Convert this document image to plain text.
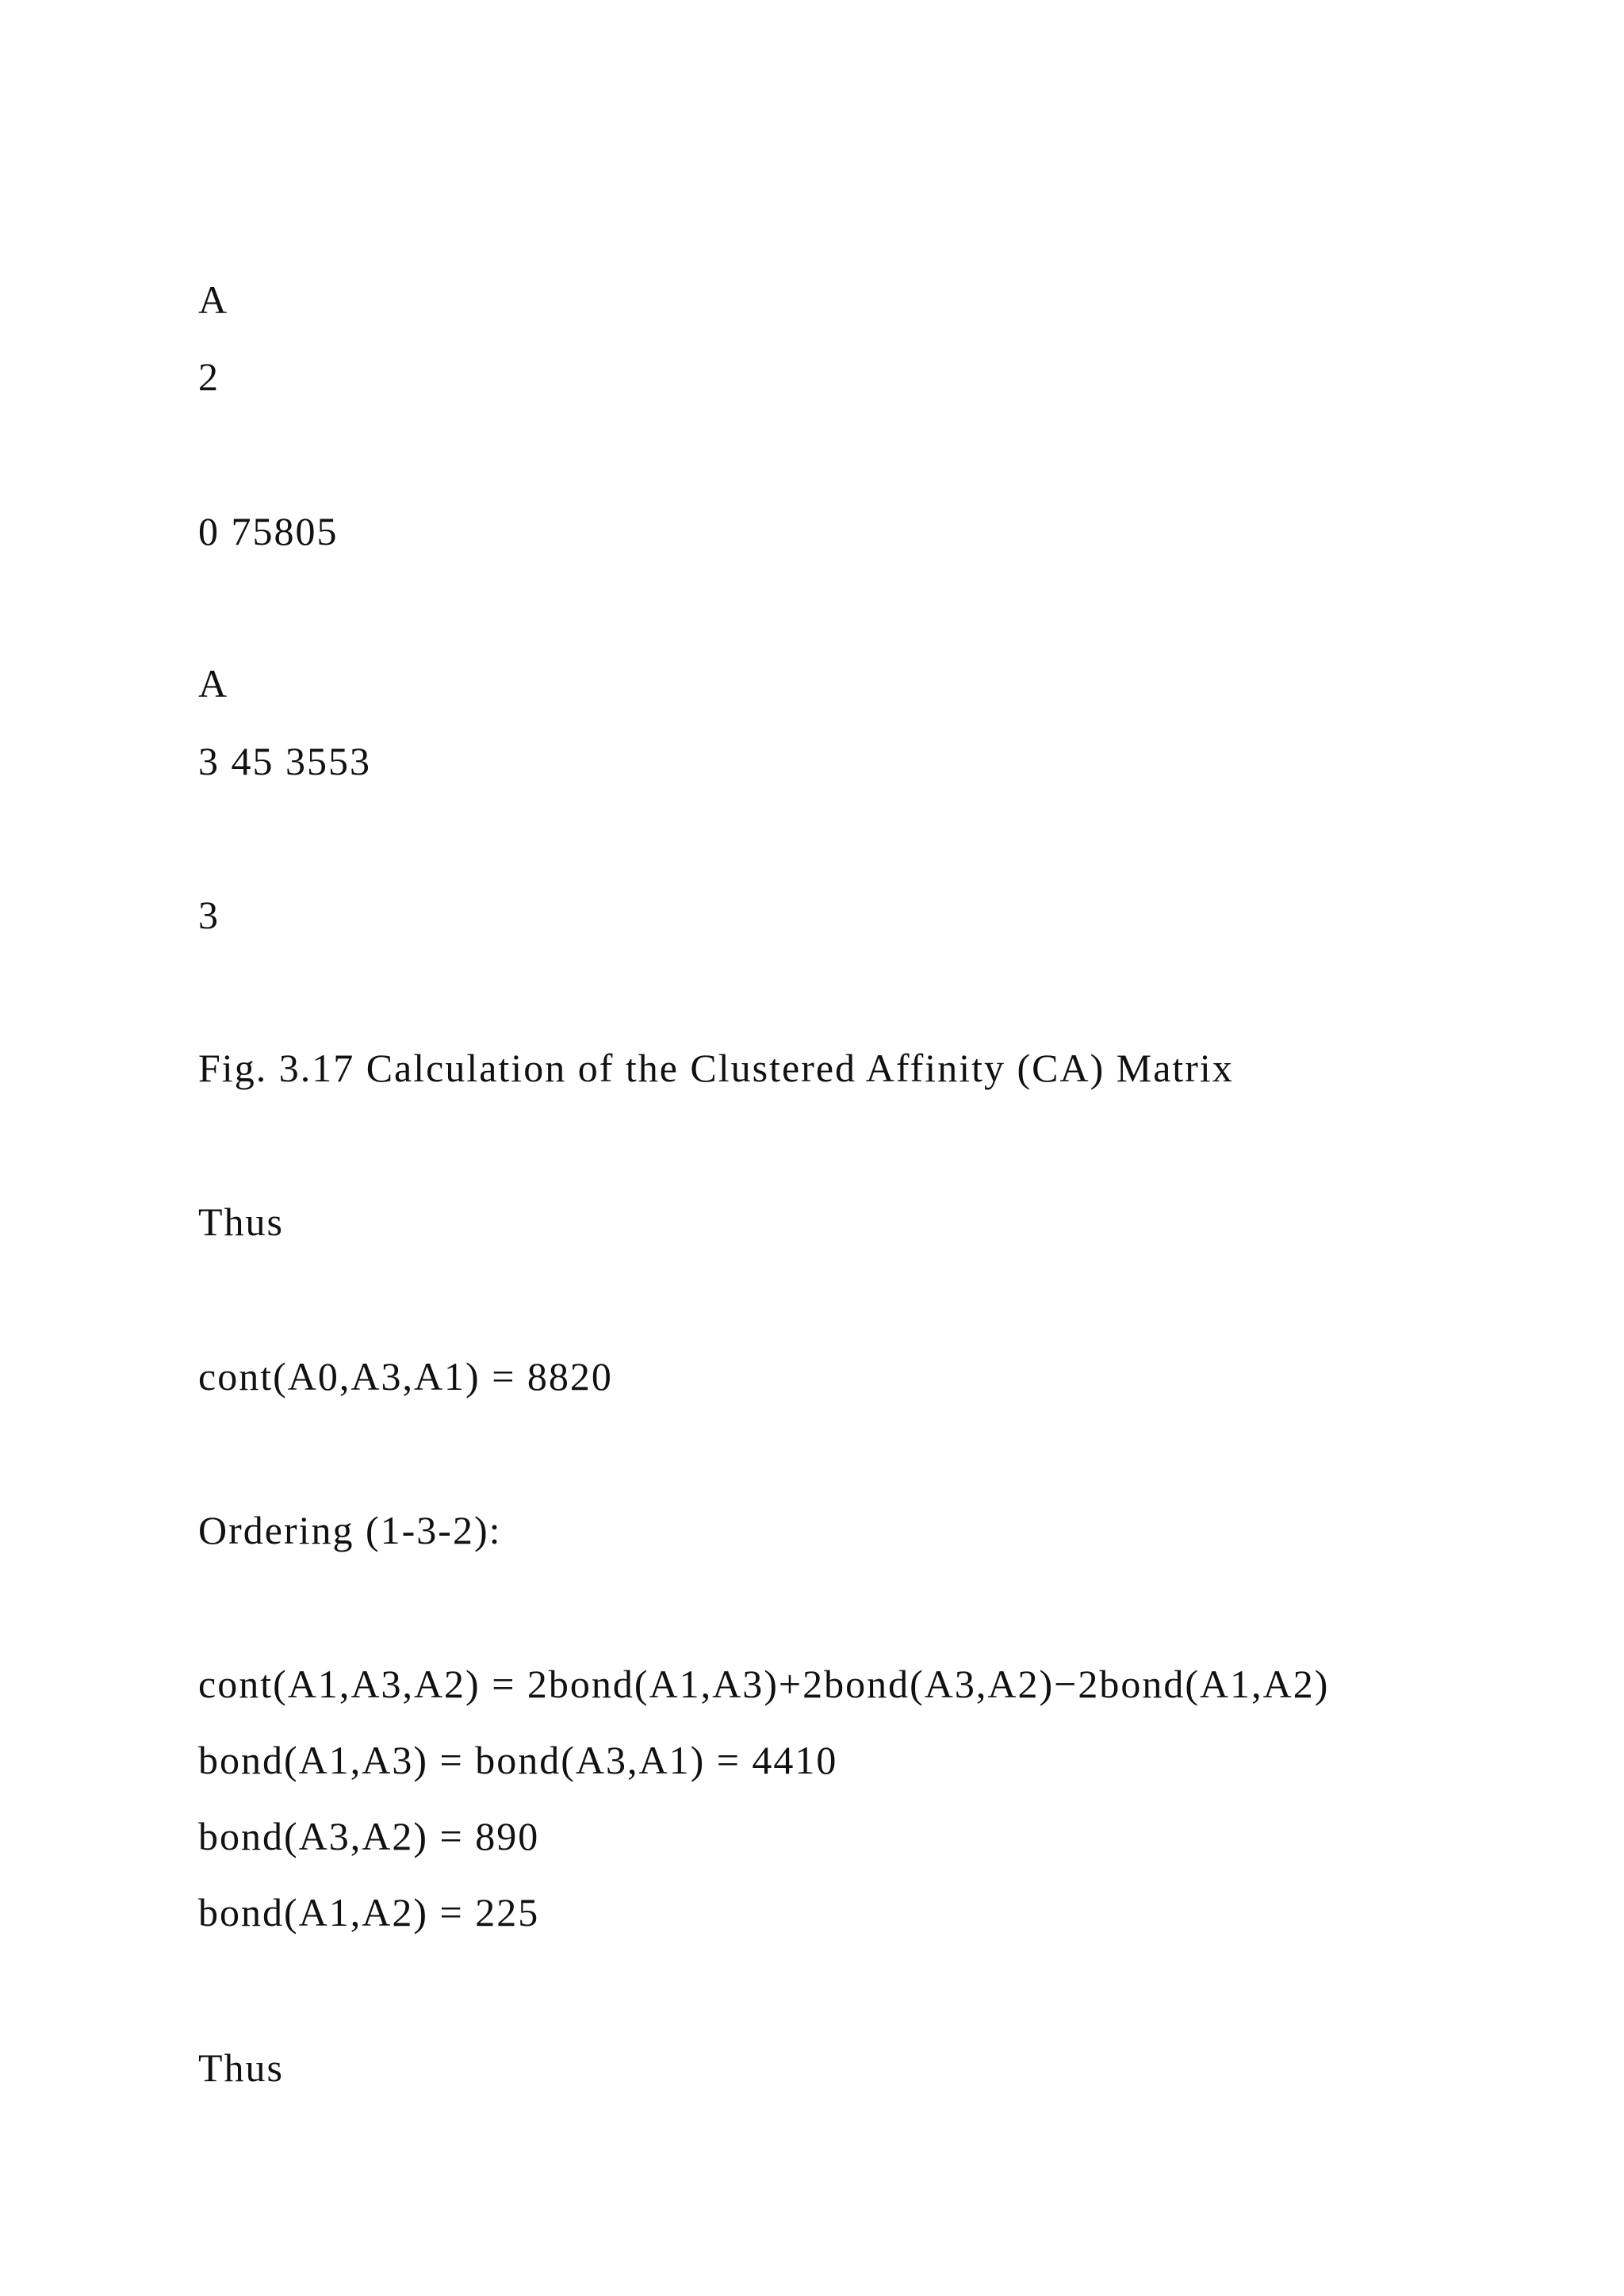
A
2
0 75805
A
3 45 3553
3
Fig. 3.17 Calculation of the Clustered Affinity (CA) Matrix
Thus
cont(A0,A3,A1) = 8820
Ordering (1-3-2):
cont(A1,A3,A2) = 2bond(A1,A3)+2bond(A3,A2)−2bond(A1,A2)
bond(A1,A3) = bond(A3,A1) = 4410
bond(A3,A2) = 890
bond(A1,A2) = 225
Thus
